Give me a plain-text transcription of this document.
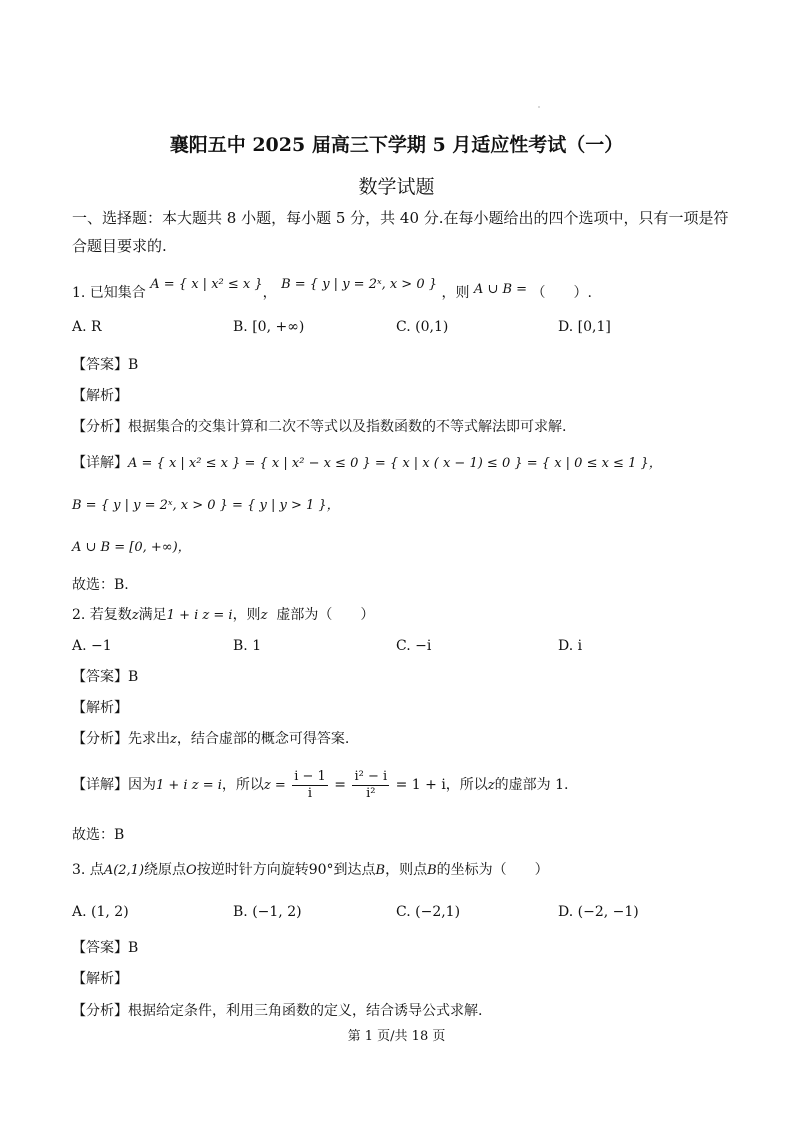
襄阳五中 2025 届高三下学期 5 月适应性考试（一）
数学试题
一、选择题：本大题共 8 小题，每小题 5 分，共 40 分.在每小题给出的四个选项中，只有一项是符合题目要求的.
1. 已知集合 A = { x | x² ≤ x }， B = { y | y = 2ˣ, x > 0 } ，则 A ∪ B = （　　）.
A. R	B. [0, +∞)	C. (0,1)	D. [0,1]
【答案】B
【解析】
【分析】根据集合的交集计算和二次不等式以及指数函数的不等式解法即可求解.
【详解】A = { x | x² ≤ x } = { x | x² − x ≤ 0 } = { x | x ( x − 1) ≤ 0 } = { x | 0 ≤ x ≤ 1 }，
B = { y | y = 2ˣ, x > 0 } = { y | y > 1 }，
A ∪ B = [0, +∞)，
故选：B.
2. 若复数z满足1 + i z = i，则z 虚部为（　　）
A. −1	B. 1	C. −i	D. i
【答案】B
【解析】
【分析】先求出z，结合虚部的概念可得答案.
【详解】因为1 + i z = i，所以$z = \frac{i - 1}{i} = \frac{\text{i² − i}}{\text{i²}} = 1 + i$，所以z的虚部为 1.
故选：B
3. 点A(2,1)绕原点O按逆时针方向旋转90°到达点B，则点B的坐标为（　　）
A. (1, 2)	B. (−1, 2)	C. (−2,1)	D. (−2, −1)
【答案】B
【解析】
【分析】根据给定条件，利用三角函数的定义，结合诱导公式求解.
第 1 页/共 18 页
